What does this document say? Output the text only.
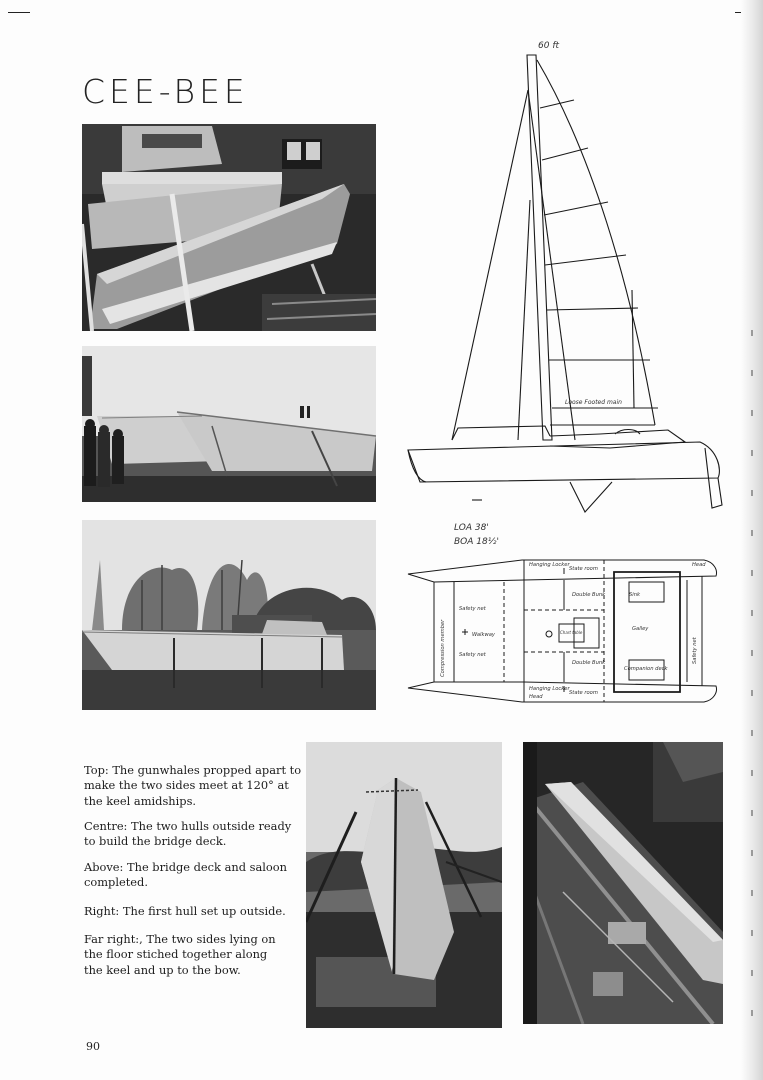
CEE-BEE
60 ft
Loose Footed main
LOA 38'
BOA 18½'
Hanging Locker
State room
Head
Safety net
Double Bunk	Sink
Walkway	Chart table
Galley
Safety net
Double Bunk
Hanging Locker
Head
State room
Companion deck
Compression member	Safety net

Top: The gunwhales propped apart to make the two sides meet at 120° at the keel amidships.

Centre: The two hulls outside ready to build the bridge deck.

Above: The bridge deck and saloon completed.

Right: The first hull set up outside.

Far right:, The two sides lying on the floor stiched together along the keel and up to the bow.

90
